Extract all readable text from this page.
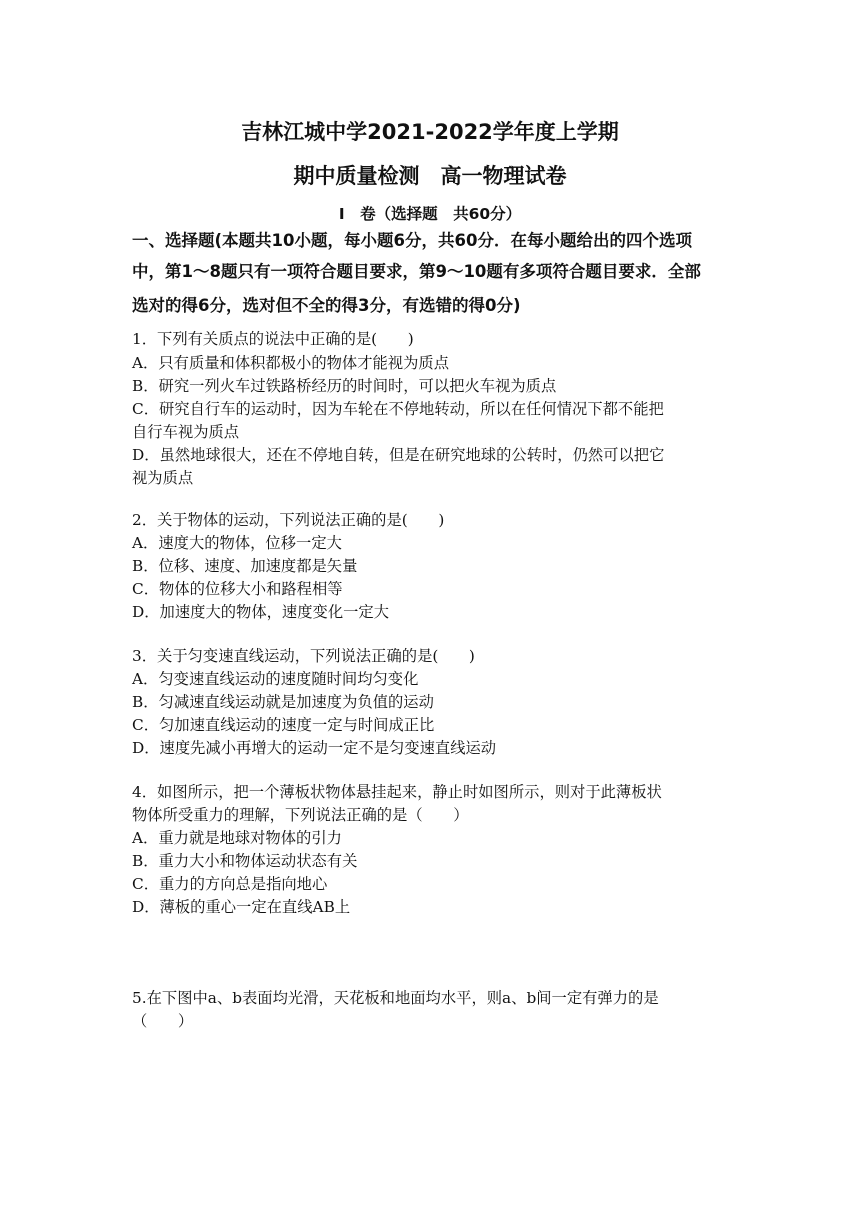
吉林江城中学2021-2022学年度上学期
期中质量检测　高一物理试卷
Ⅰ　卷（选择题　共60分）
一、选择题(本题共10小题，每小题6分，共60分．在每小题给出的四个选项
中，第1～8题只有一项符合题目要求，第9～10题有多项符合题目要求．全部
选对的得6分，选对但不全的得3分，有选错的得0分)
1．下列有关质点的说法中正确的是(　　)
A．只有质量和体积都极小的物体才能视为质点
B．研究一列火车过铁路桥经历的时间时，可以把火车视为质点
C．研究自行车的运动时，因为车轮在不停地转动，所以在任何情况下都不能把
自行车视为质点
D．虽然地球很大，还在不停地自转，但是在研究地球的公转时，仍然可以把它
视为质点
2．关于物体的运动，下列说法正确的是(　　)
A．速度大的物体，位移一定大
B．位移、速度、加速度都是矢量
C．物体的位移大小和路程相等
D．加速度大的物体，速度变化一定大
3．关于匀变速直线运动，下列说法正确的是(　　)
A．匀变速直线运动的速度随时间均匀变化
B．匀减速直线运动就是加速度为负值的运动
C．匀加速直线运动的速度一定与时间成正比
D．速度先减小再增大的运动一定不是匀变速直线运动
4．如图所示，把一个薄板状物体悬挂起来，静止时如图所示，则对于此薄板状
物体所受重力的理解，下列说法正确的是（　　）
A．重力就是地球对物体的引力
B．重力大小和物体运动状态有关
C．重力的方向总是指向地心
D．薄板的重心一定在直线AB上
5.在下图中a、b表面均光滑，天花板和地面均水平，则a、b间一定有弹力的是
（　　）
